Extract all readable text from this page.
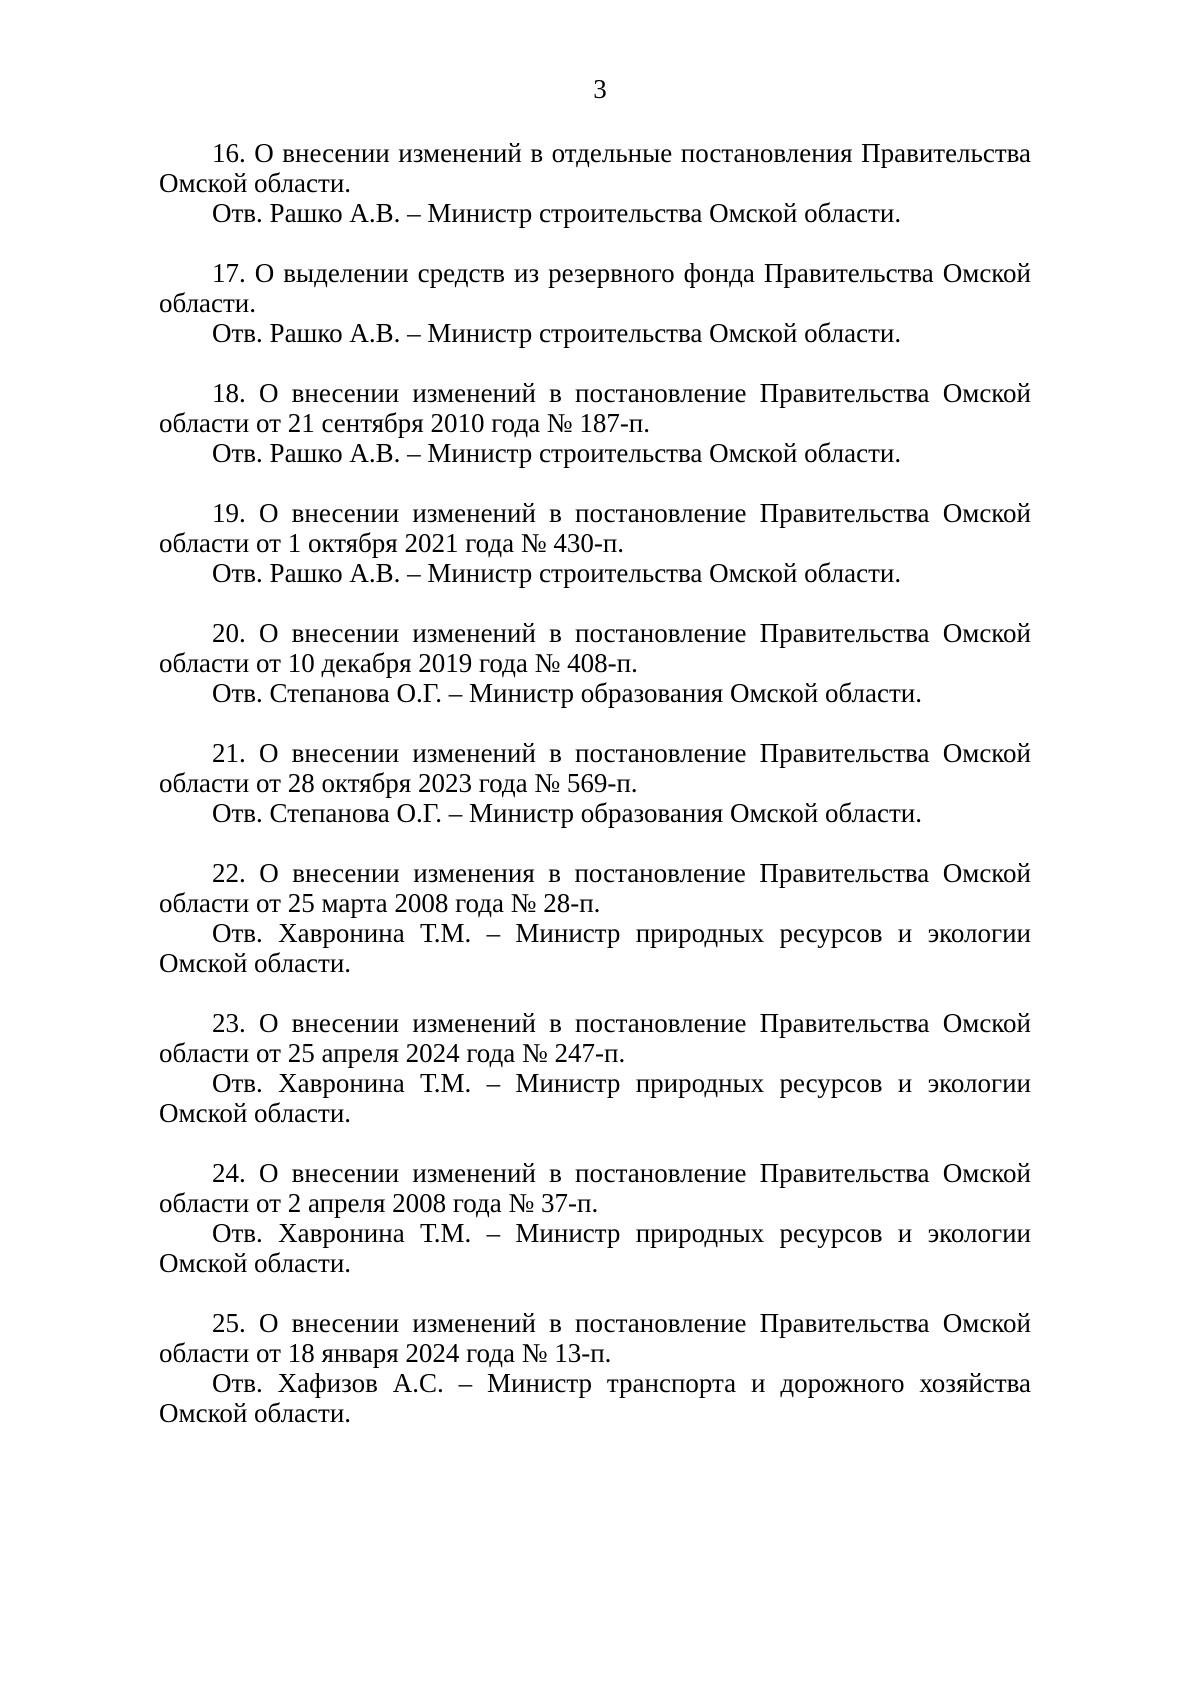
3

16. О внесении изменений в отдельные постановления Правительства Омской области.

Отв. Рашко А.В. – Министр строительства Омской области.

17. О выделении средств из резервного фонда Правительства Омской области.

Отв. Рашко А.В. – Министр строительства Омской области.

18. О внесении изменений в постановление Правительства Омской области от 21 сентября 2010 года № 187-п.

Отв. Рашко А.В. – Министр строительства Омской области.

19. О внесении изменений в постановление Правительства Омской области от 1 октября 2021 года № 430-п.

Отв. Рашко А.В. – Министр строительства Омской области.

20. О внесении изменений в постановление Правительства Омской области от 10 декабря 2019 года № 408-п.

Отв. Степанова О.Г. – Министр образования Омской области.

21. О внесении изменений в постановление Правительства Омской области от 28 октября 2023 года № 569-п.

Отв. Степанова О.Г. – Министр образования Омской области.

22. О внесении изменения в постановление Правительства Омской области от 25 марта 2008 года № 28-п.

Отв. Хавронина Т.М. – Министр природных ресурсов и экологии Омской области.

23. О внесении изменений в постановление Правительства Омской области от 25 апреля 2024 года № 247-п.

Отв. Хавронина Т.М. – Министр природных ресурсов и экологии Омской области.

24. О внесении изменений в постановление Правительства Омской области от 2 апреля 2008 года № 37-п.

Отв. Хавронина Т.М. – Министр природных ресурсов и экологии Омской области.

25. О внесении изменений в постановление Правительства Омской области от 18 января 2024 года № 13-п.

Отв. Хафизов А.С. – Министр транспорта и дорожного хозяйства Омской области.
